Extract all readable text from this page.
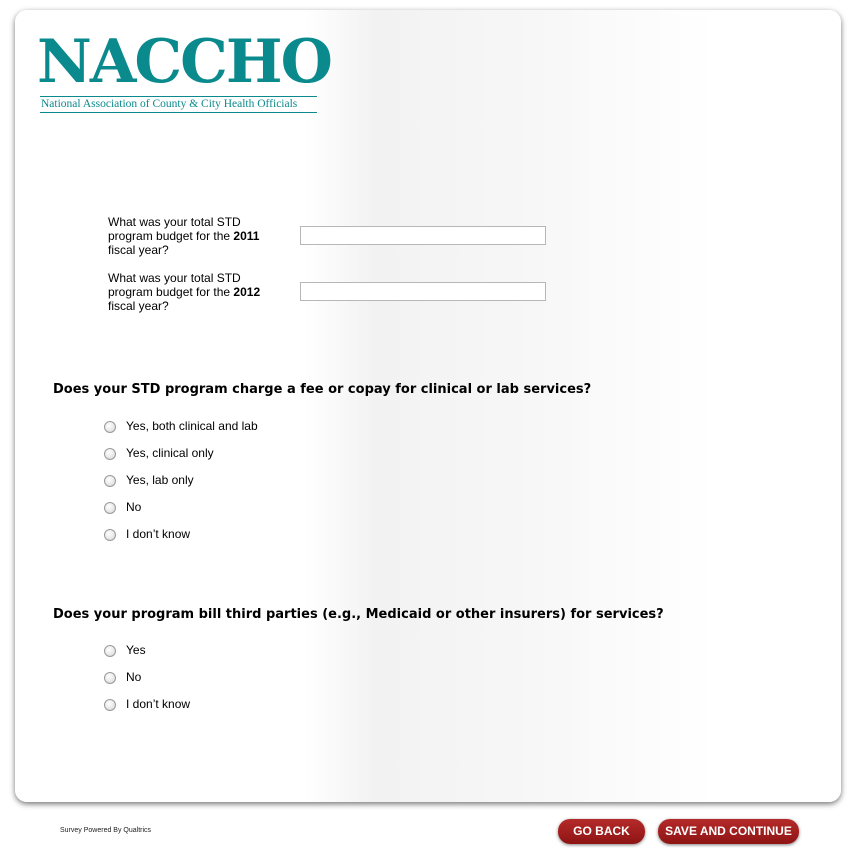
NACCHO
National Association of County & City Health Officials
What was your total STD
program budget for the 2011
fiscal year?
What was your total STD
program budget for the 2012
fiscal year?
Does your STD program charge a fee or copay for clinical or lab services?
Yes, both clinical and lab
Yes, clinical only
Yes, lab only
No
I don’t know
Does your program bill third parties (e.g., Medicaid or other insurers) for services?
Yes
No
I don’t know
Survey Powered By Qualtrics	GO BACK	SAVE AND CONTINUE
